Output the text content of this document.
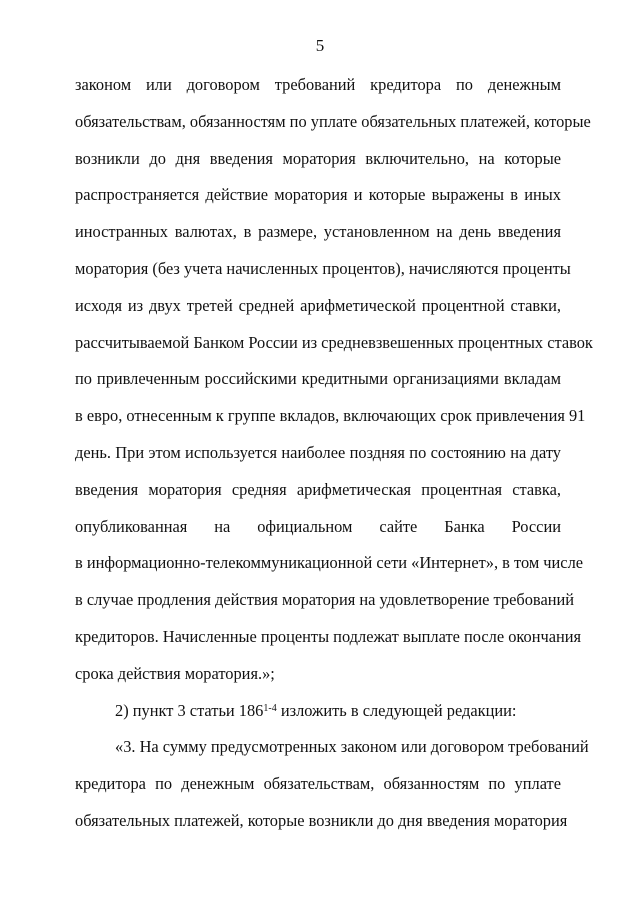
5
законом или договором требований кредитора по денежным
обязательствам, обязанностям по уплате обязательных платежей, которые
возникли до дня введения моратория включительно, на которые
распространяется действие моратория и которые выражены в иных
иностранных валютах, в размере, установленном на день введения
моратория (без учета начисленных процентов), начисляются проценты
исходя из двух третей средней арифметической процентной ставки,
рассчитываемой Банком России из средневзвешенных процентных ставок
по привлеченным российскими кредитными организациями вкладам
в евро, отнесенным к группе вкладов, включающих срок привлечения 91
день. При этом используется наиболее поздняя по состоянию на дату
введения моратория средняя арифметическая процентная ставка,
опубликованная на официальном сайте Банка России
в информационно-телекоммуникационной сети «Интернет», в том числе
в случае продления действия моратория на удовлетворение требований
кредиторов. Начисленные проценты подлежат выплате после окончания
срока действия моратория.»;
2) пункт 3 статьи 186$^{1-4}$ изложить в следующей редакции:
«3. На сумму предусмотренных законом или договором требований
кредитора по денежным обязательствам, обязанностям по уплате
обязательных платежей, которые возникли до дня введения моратория
